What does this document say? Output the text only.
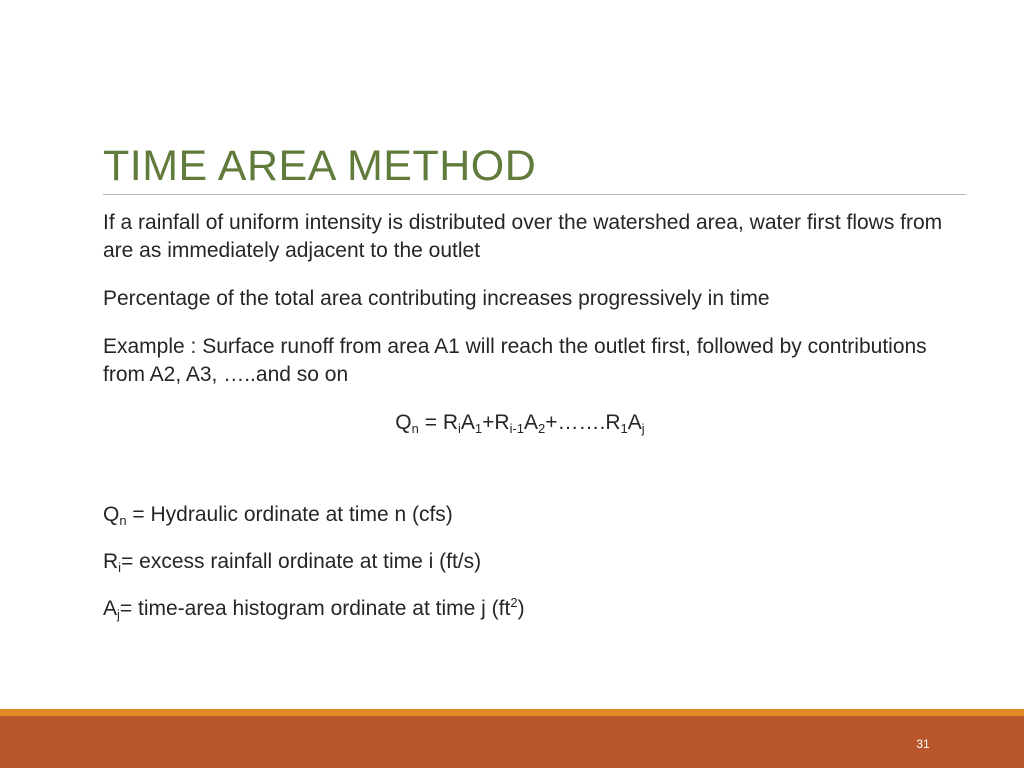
TIME AREA METHOD

If a rainfall of uniform intensity is distributed over the watershed area, water first flows from are as immediately adjacent to the outlet

Percentage of the total area contributing increases progressively in time

Example : Surface runoff from area A1 will reach the outlet first, followed by contributions from A2, A3, …..and so on

$Q_n$ = $R_iA_1+R_{i-1}A_2+\dots\dots.R_1A_j$

$Q_n$ = Hydraulic ordinate at time n (cfs)

$R_i=$ excess rainfall ordinate at time i (ft/s)

$A_j=$ time-area histogram ordinate at time j $(ft^2)$

31
